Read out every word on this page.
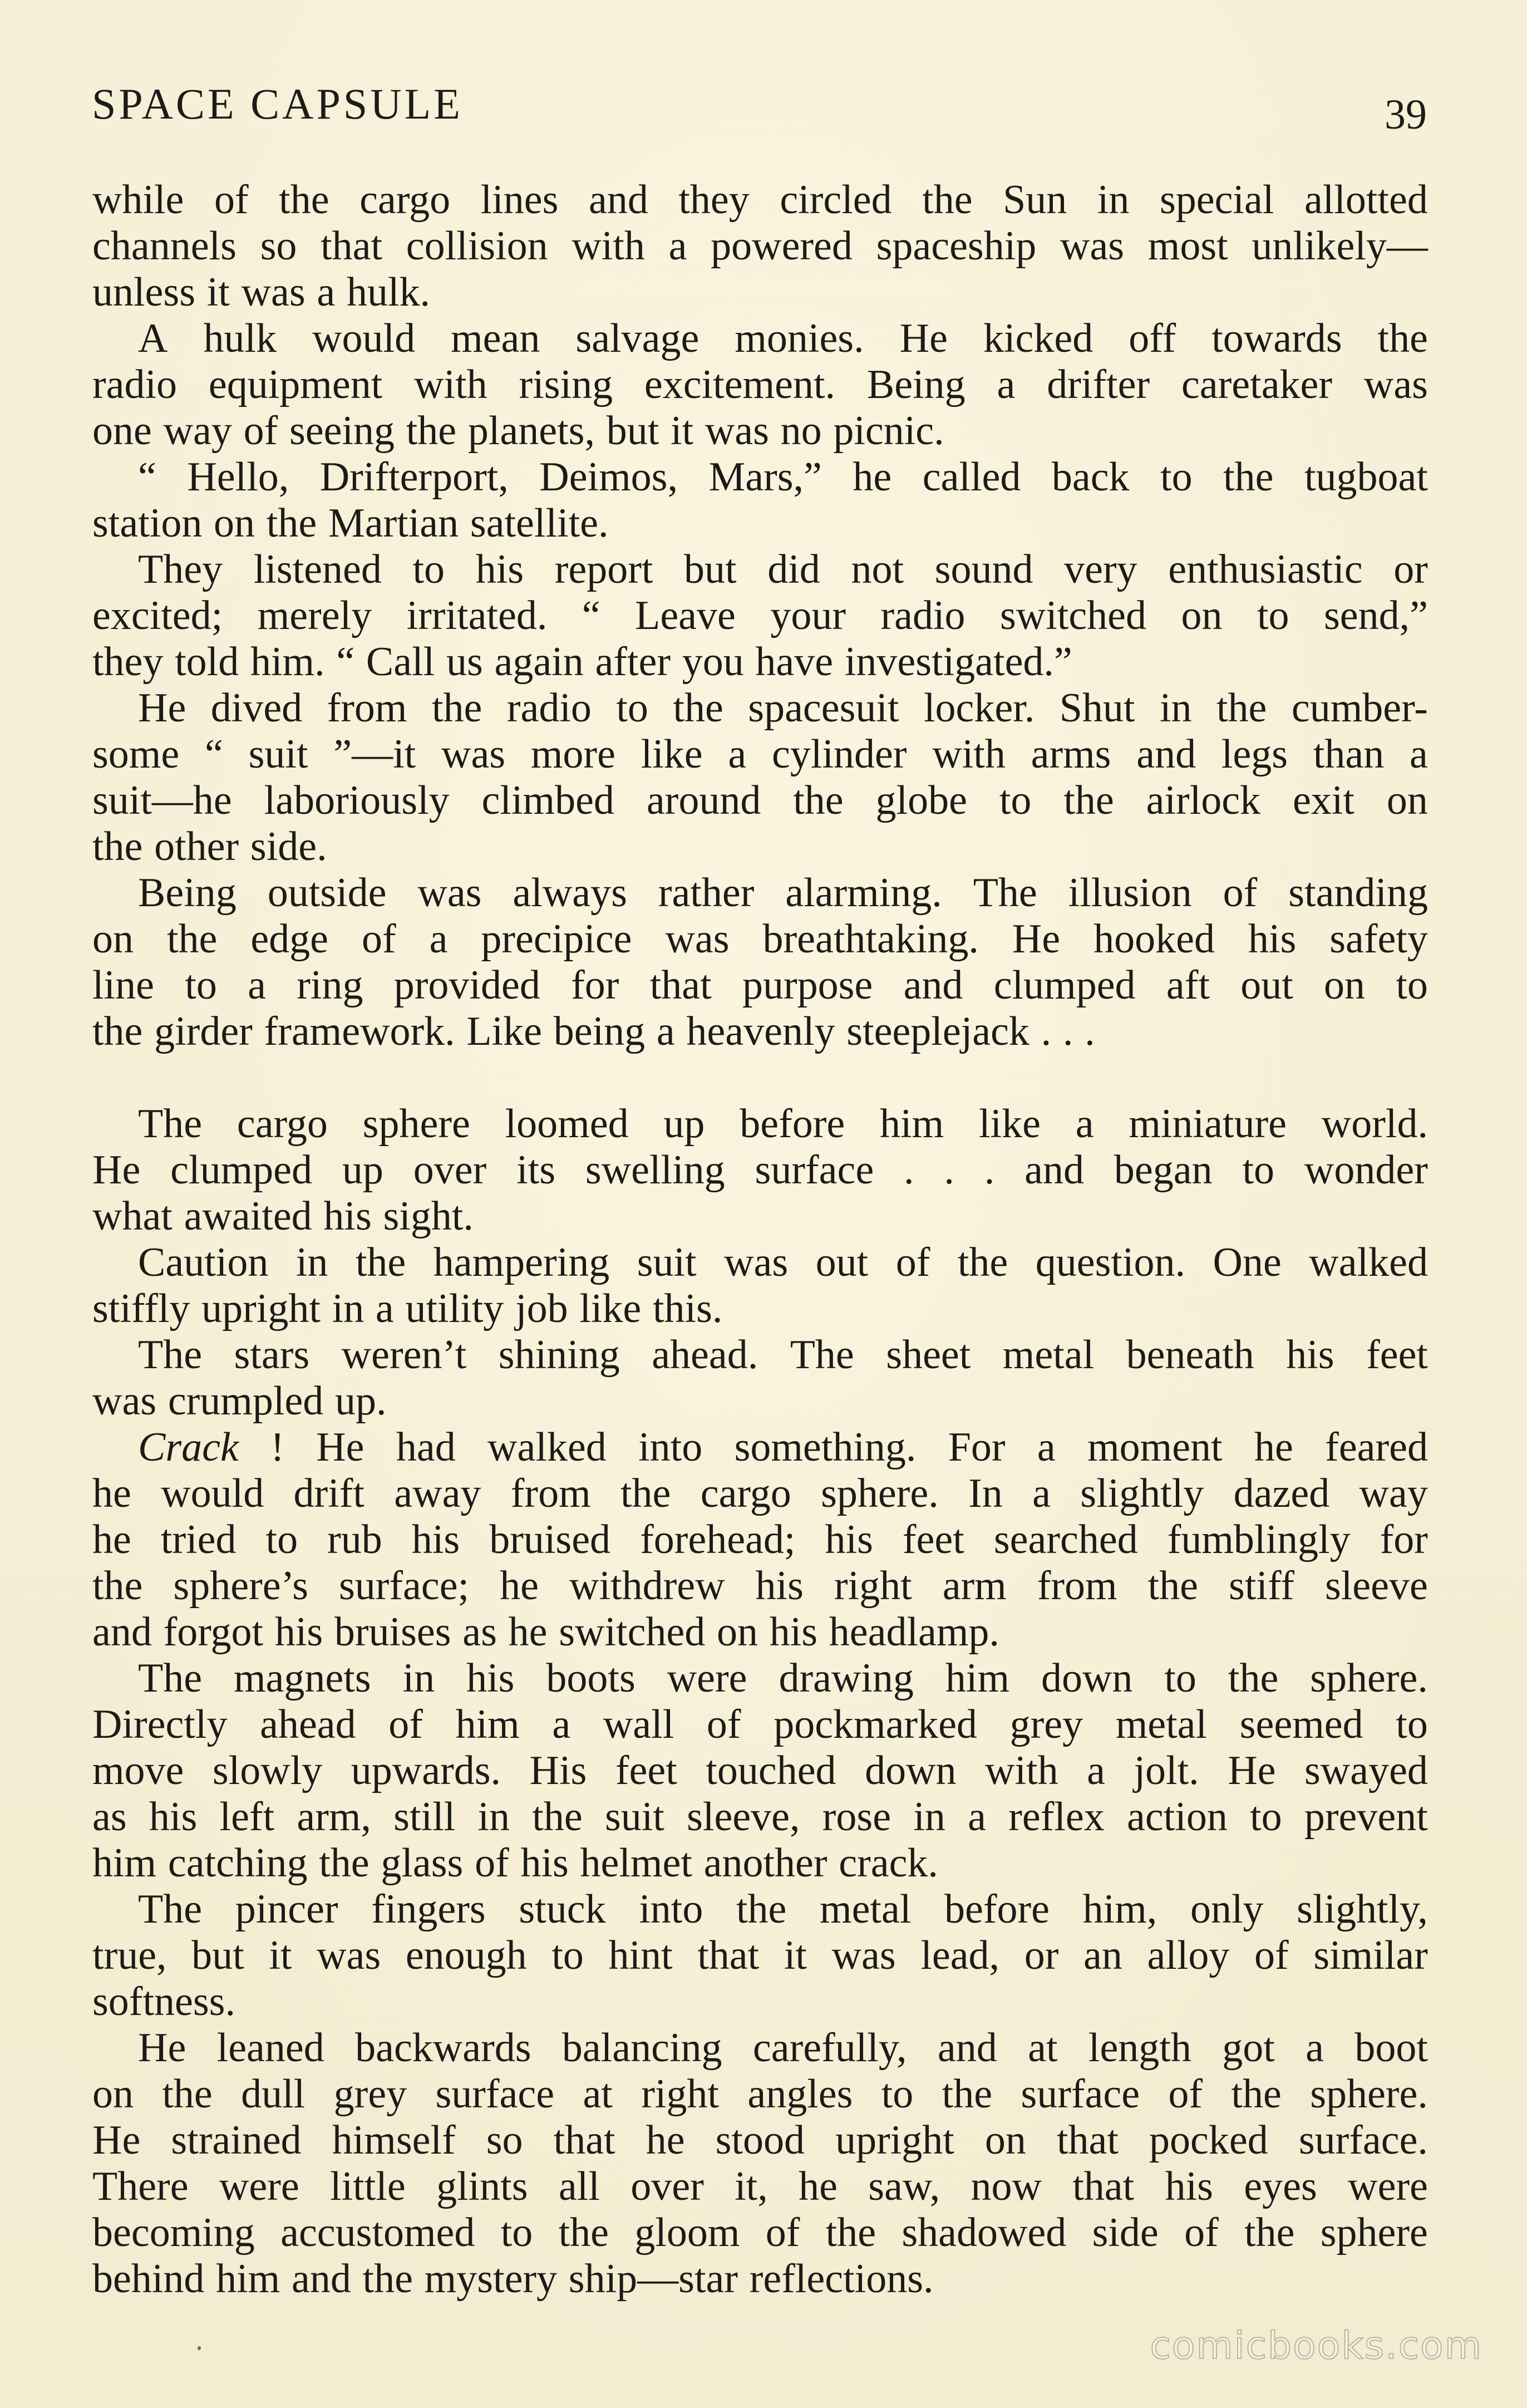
SPACE CAPSULE	39
while of the cargo lines and they circled the Sun in special allotted
channels so that collision with a powered spaceship was most unlikely—
unless it was a hulk.
A hulk would mean salvage monies. He kicked off towards the
radio equipment with rising excitement. Being a drifter caretaker was
one way of seeing the planets, but it was no picnic.
“ Hello, Drifterport, Deimos, Mars,” he called back to the tugboat
station on the Martian satellite.
They listened to his report but did not sound very enthusiastic or
excited; merely irritated. “ Leave your radio switched on to send,”
they told him. “ Call us again after you have investigated.”
He dived from the radio to the spacesuit locker. Shut in the cumber-
some “ suit ”—it was more like a cylinder with arms and legs than a
suit—he laboriously climbed around the globe to the airlock exit on
the other side.
Being outside was always rather alarming. The illusion of standing
on the edge of a precipice was breathtaking. He hooked his safety
line to a ring provided for that purpose and clumped aft out on to
the girder framework. Like being a heavenly steeplejack . . .
The cargo sphere loomed up before him like a miniature world.
He clumped up over its swelling surface . . . and began to wonder
what awaited his sight.
Caution in the hampering suit was out of the question. One walked
stiffly upright in a utility job like this.
The stars weren’t shining ahead. The sheet metal beneath his feet
was crumpled up.
Crack ! He had walked into something. For a moment he feared
he would drift away from the cargo sphere. In a slightly dazed way
he tried to rub his bruised forehead; his feet searched fumblingly for
the sphere’s surface; he withdrew his right arm from the stiff sleeve
and forgot his bruises as he switched on his headlamp.
The magnets in his boots were drawing him down to the sphere.
Directly ahead of him a wall of pockmarked grey metal seemed to
move slowly upwards. His feet touched down with a jolt. He swayed
as his left arm, still in the suit sleeve, rose in a reflex action to prevent
him catching the glass of his helmet another crack.
The pincer fingers stuck into the metal before him, only slightly,
true, but it was enough to hint that it was lead, or an alloy of similar
softness.
He leaned backwards balancing carefully, and at length got a boot
on the dull grey surface at right angles to the surface of the sphere.
He strained himself so that he stood upright on that pocked surface.
There were little glints all over it, he saw, now that his eyes were
becoming accustomed to the gloom of the shadowed side of the sphere
behind him and the mystery ship—star reflections.
comicbooks.com
